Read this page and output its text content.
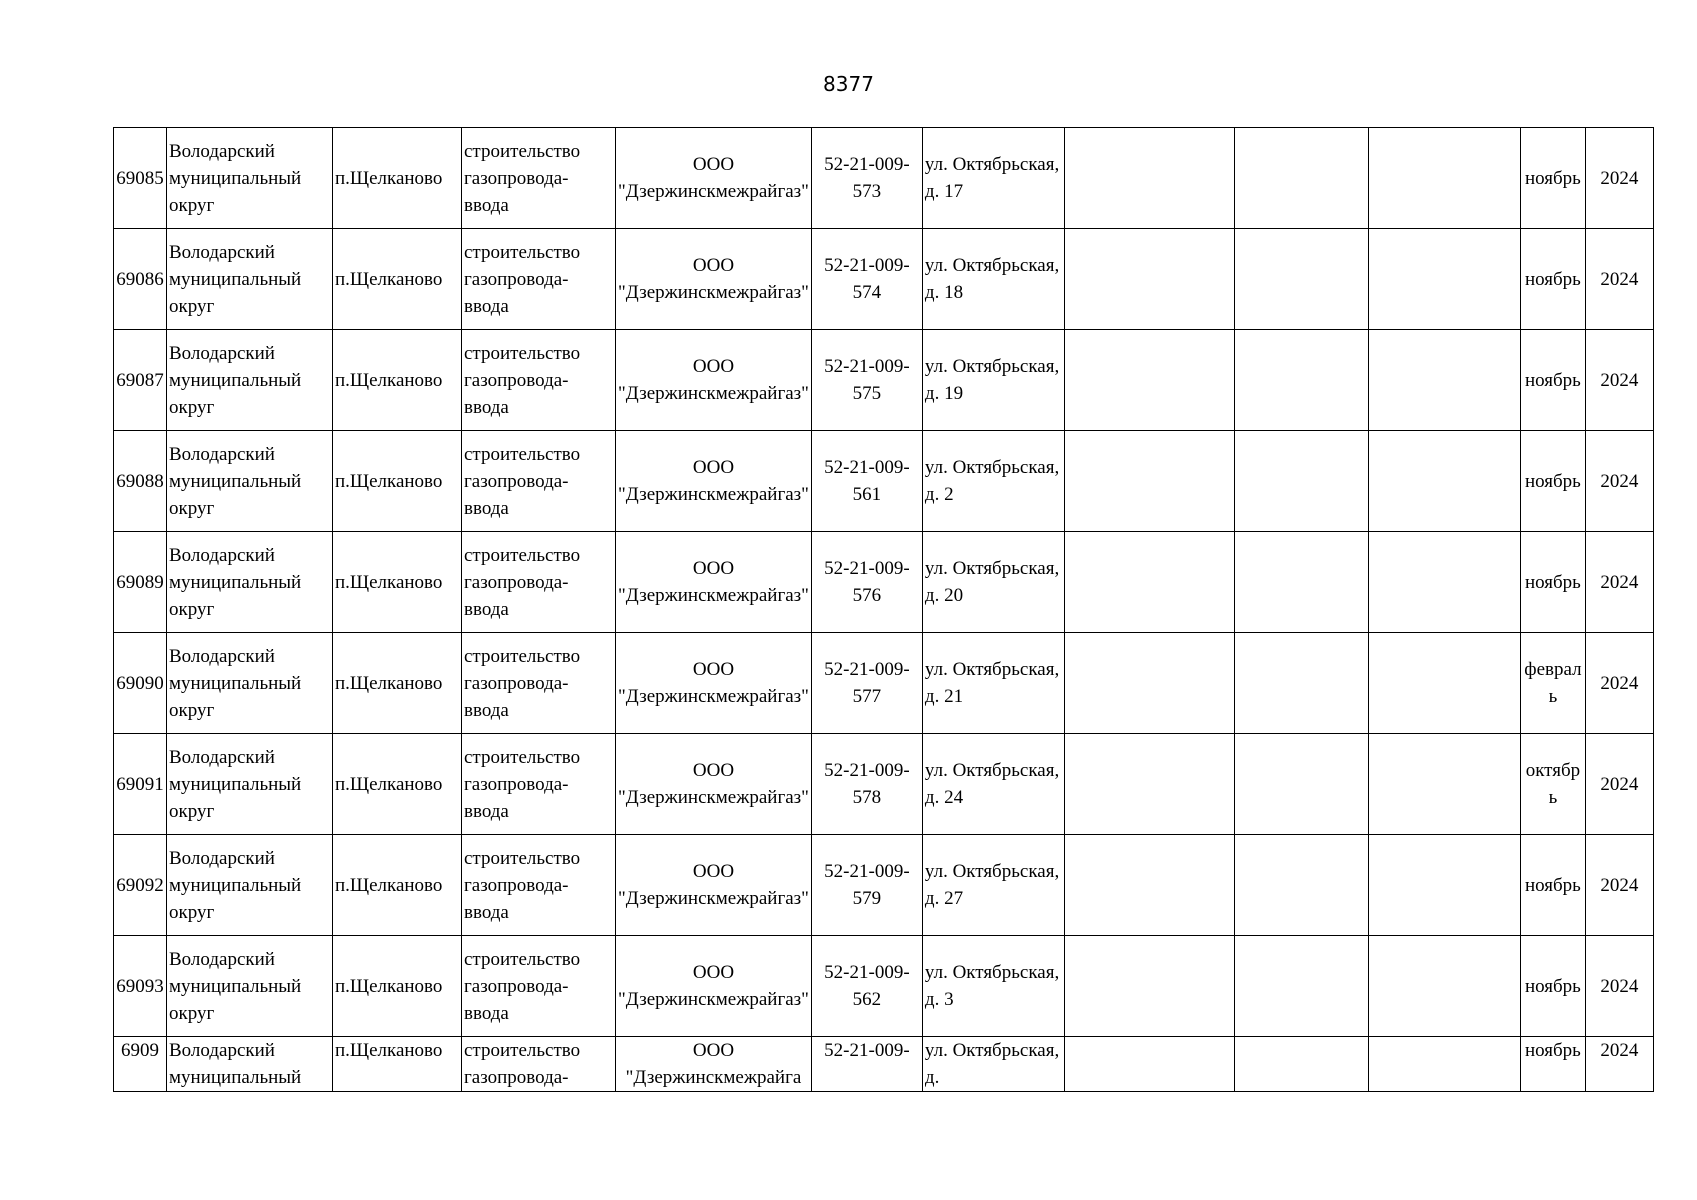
8377
69085	Володарский муниципальный округ	п.Щелканово	строительство газопровода-ввода	ООО "Дзержинскмежрайгаз"	52-21-009-573	ул. Октябрьская, д. 17				ноябрь	2024
69086	Володарский муниципальный округ	п.Щелканово	строительство газопровода-ввода	ООО "Дзержинскмежрайгаз"	52-21-009-574	ул. Октябрьская, д. 18				ноябрь	2024
69087	Володарский муниципальный округ	п.Щелканово	строительство газопровода-ввода	ООО "Дзержинскмежрайгаз"	52-21-009-575	ул. Октябрьская, д. 19				ноябрь	2024
69088	Володарский муниципальный округ	п.Щелканово	строительство газопровода-ввода	ООО "Дзержинскмежрайгаз"	52-21-009-561	ул. Октябрьская, д. 2				ноябрь	2024
69089	Володарский муниципальный округ	п.Щелканово	строительство газопровода-ввода	ООО "Дзержинскмежрайгаз"	52-21-009-576	ул. Октябрьская, д. 20				ноябрь	2024
69090	Володарский муниципальный округ	п.Щелканово	строительство газопровода-ввода	ООО "Дзержинскмежрайгаз"	52-21-009-577	ул. Октябрьская, д. 21				февраль	2024
69091	Володарский муниципальный округ	п.Щелканово	строительство газопровода-ввода	ООО "Дзержинскмежрайгаз"	52-21-009-578	ул. Октябрьская, д. 24				октябрь	2024
69092	Володарский муниципальный округ	п.Щелканово	строительство газопровода-ввода	ООО "Дзержинскмежрайгаз"	52-21-009-579	ул. Октябрьская, д. 27				ноябрь	2024
69093	Володарский муниципальный округ	п.Щелканово	строительство газопровода-ввода	ООО "Дзержинскмежрайгаз"	52-21-009-562	ул. Октябрьская, д. 3				ноябрь	2024

6909	Володарский муниципальный	п.Щелканово	строительство газопровода-	ООО "Дзержинскмежрайга	52-21-009-	ул. Октябрьская, д.				ноябрь	2024
